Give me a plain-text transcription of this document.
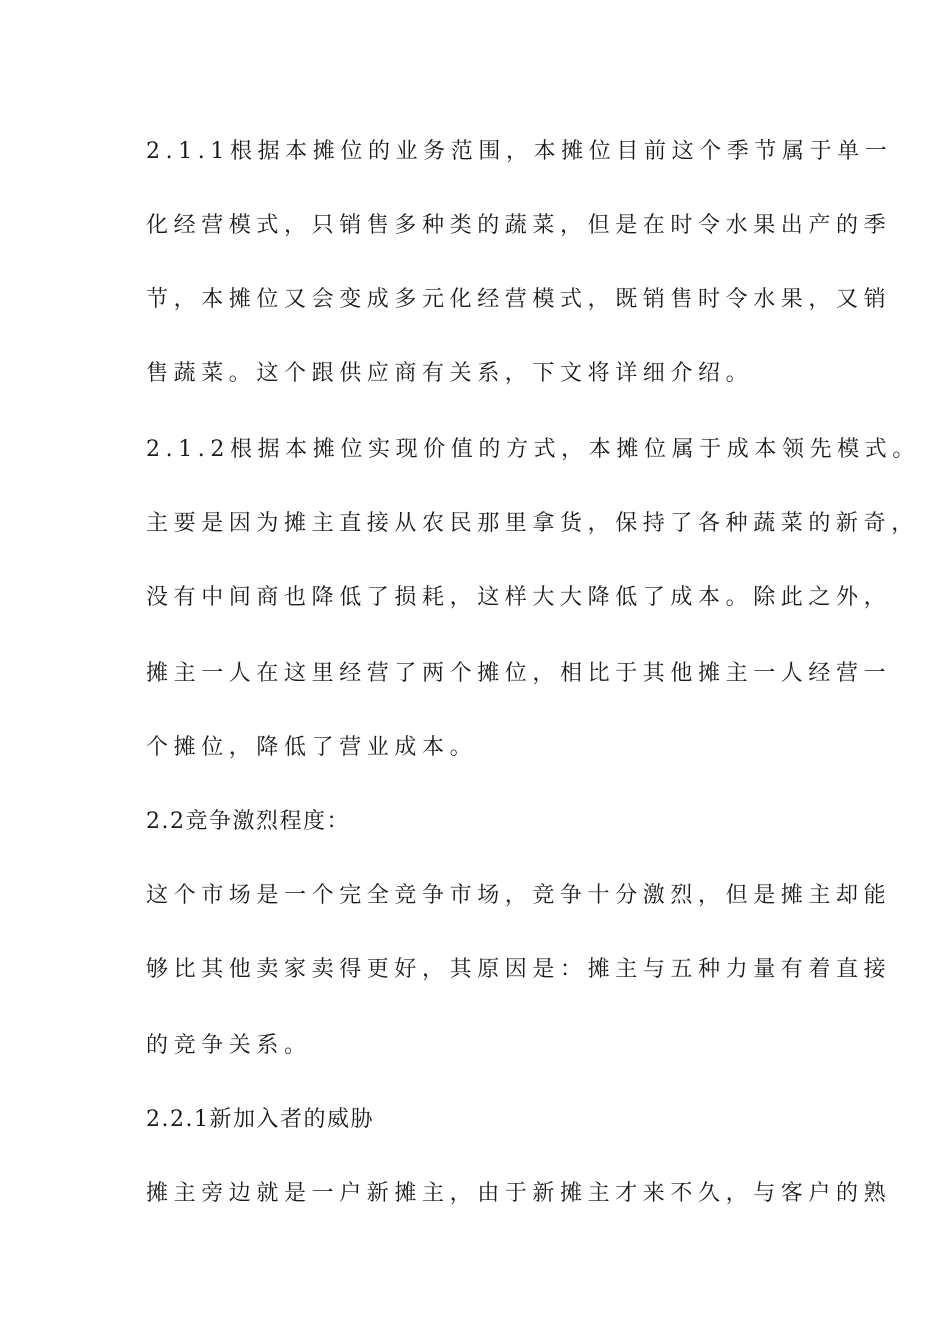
2.1.1根据本摊位的业务范围，本摊位目前这个季节属于单一
化经营模式，只销售多种类的蔬菜，但是在时令水果出产的季
节，本摊位又会变成多元化经营模式，既销售时令水果，又销
售蔬菜。这个跟供应商有关系，下文将详细介绍。
2.1.2根据本摊位实现价值的方式，本摊位属于成本领先模式。
主要是因为摊主直接从农民那里拿货，保持了各种蔬菜的新奇，
没有中间商也降低了损耗，这样大大降低了成本。除此之外，
摊主一人在这里经营了两个摊位，相比于其他摊主一人经营一
个摊位，降低了营业成本。
2.2竞争激烈程度：
这个市场是一个完全竞争市场，竞争十分激烈，但是摊主却能
够比其他卖家卖得更好，其原因是：摊主与五种力量有着直接
的竞争关系。
2.2.1新加入者的威胁
摊主旁边就是一户新摊主，由于新摊主才来不久，与客户的熟
